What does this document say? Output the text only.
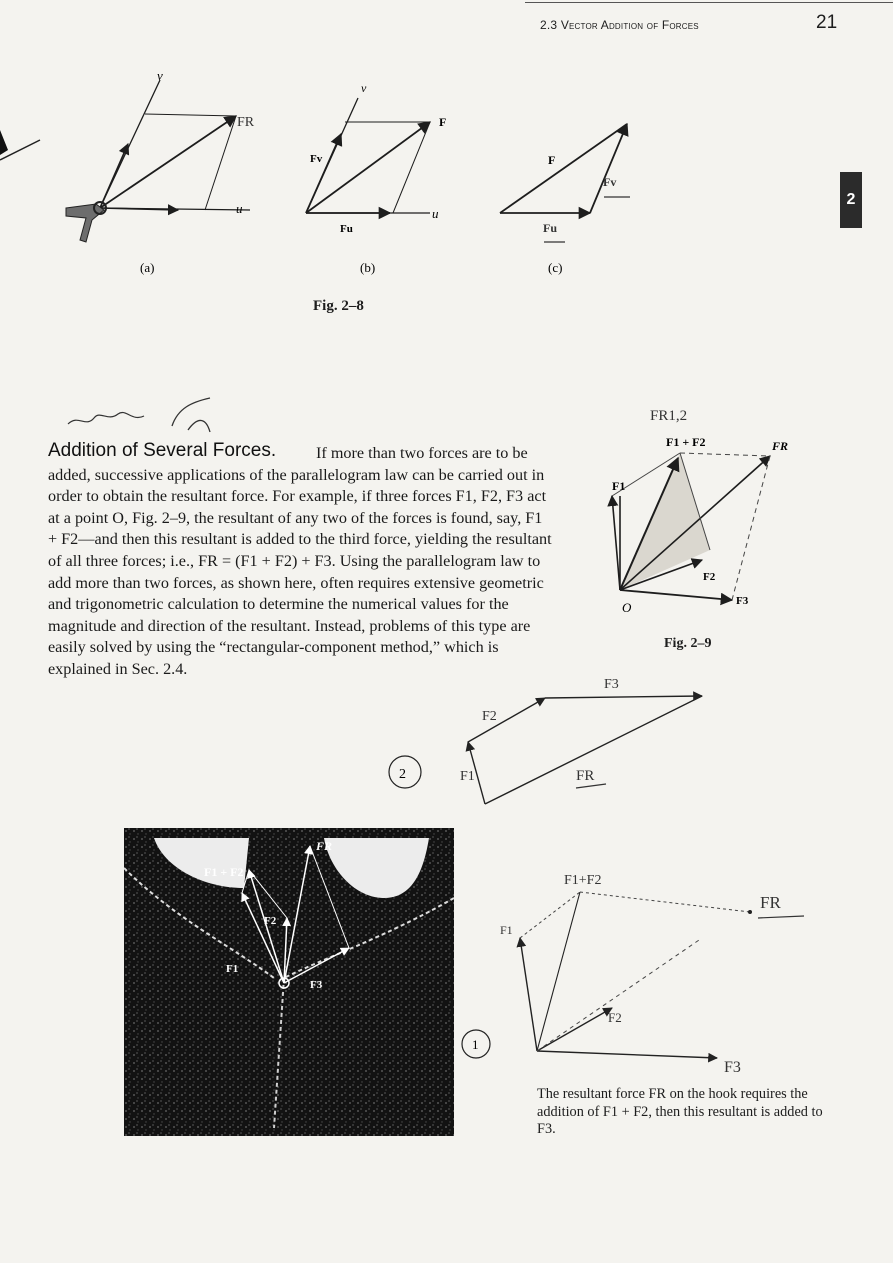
2.3 Vector Addition of Forces	21
2
v
u
FR
(a)
v
u
F
Fv
Fu
(b)
F
Fv
Fu
(c)
Fig. 2–8
Addition of Several Forces.	If more than two forces are to be added, successive applications of the parallelogram law can be carried out in order to obtain the resultant force. For example, if three forces F1, F2, F3 act at a point O, Fig. 2–9, the resultant of any two of the forces is found, say, F1 + F2—and then this resultant is added to the third force, yielding the resultant of all three forces; i.e., FR = (F1 + F2) + F3. Using the parallelogram law to add more than two forces, as shown here, often requires extensive geometric and trigonometric calculation to determine the numerical values for the magnitude and direction of the resultant. Instead, problems of this type are easily solved by using the “rectangular-component method,” which is explained in Sec. 2.4.
F1
F1 + F2	FR
F2
F3
O
FR1,2
Fig. 2–9
2	F1
F2
F3
FR
F1 + F2
FR
F2
F1
F3
1
F1+F2
F1
F2
F3
FR
The resultant force FR on the hook requires the addition of F1 + F2, then this resultant is added to F3.
